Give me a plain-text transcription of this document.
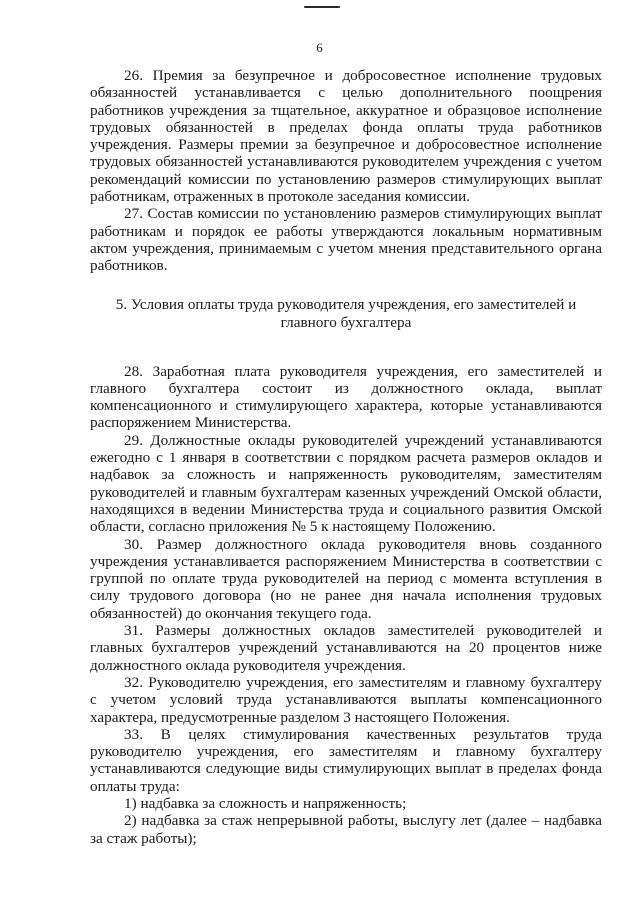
6

26. Премия за безупречное и добросовестное исполнение трудовых обязанностей устанавливается с целью дополнительного поощрения работников учреждения за тщательное, аккуратное и образцовое исполнение трудовых обязанностей в пределах фонда оплаты труда работников учреждения. Размеры премии за безупречное и добросовестное исполнение трудовых обязанностей устанавливаются руководителем учреждения с учетом рекомендаций комиссии по установлению размеров стимулирующих выплат работникам, отраженных в протоколе заседания комиссии.

27. Состав комиссии по установлению размеров стимулирующих выплат работникам и порядок ее работы утверждаются локальным нормативным актом учреждения, принимаемым с учетом мнения представительного органа работников.

5. Условия оплаты труда руководителя учреждения, его заместителей и главного бухгалтера

28. Заработная плата руководителя учреждения, его заместителей и главного бухгалтера состоит из должностного оклада, выплат компенсационного и стимулирующего характера, которые устанавливаются распоряжением Министерства.

29. Должностные оклады руководителей учреждений устанавливаются ежегодно с 1 января в соответствии с порядком расчета размеров окладов и надбавок за сложность и напряженность руководителям, заместителям руководителей и главным бухгалтерам казенных учреждений Омской области, находящихся в ведении Министерства труда и социального развития Омской области, согласно приложения № 5 к настоящему Положению.

30. Размер должностного оклада руководителя вновь созданного учреждения устанавливается распоряжением Министерства в соответствии с группой по оплате труда руководителей на период с момента вступления в силу трудового договора (но не ранее дня начала исполнения трудовых обязанностей) до окончания текущего года.

31. Размеры должностных окладов заместителей руководителей и главных бухгалтеров учреждений устанавливаются на 20 процентов ниже должностного оклада руководителя учреждения.

32. Руководителю учреждения, его заместителям и главному бухгалтеру с учетом условий труда устанавливаются выплаты компенсационного характера, предусмотренные разделом 3 настоящего Положения.

33. В целях стимулирования качественных результатов труда руководителю учреждения, его заместителям и главному бухгалтеру устанавливаются следующие виды стимулирующих выплат в пределах фонда оплаты труда:

1) надбавка за сложность и напряженность;

2) надбавка за стаж непрерывной работы, выслугу лет (далее – надбавка за стаж работы);
